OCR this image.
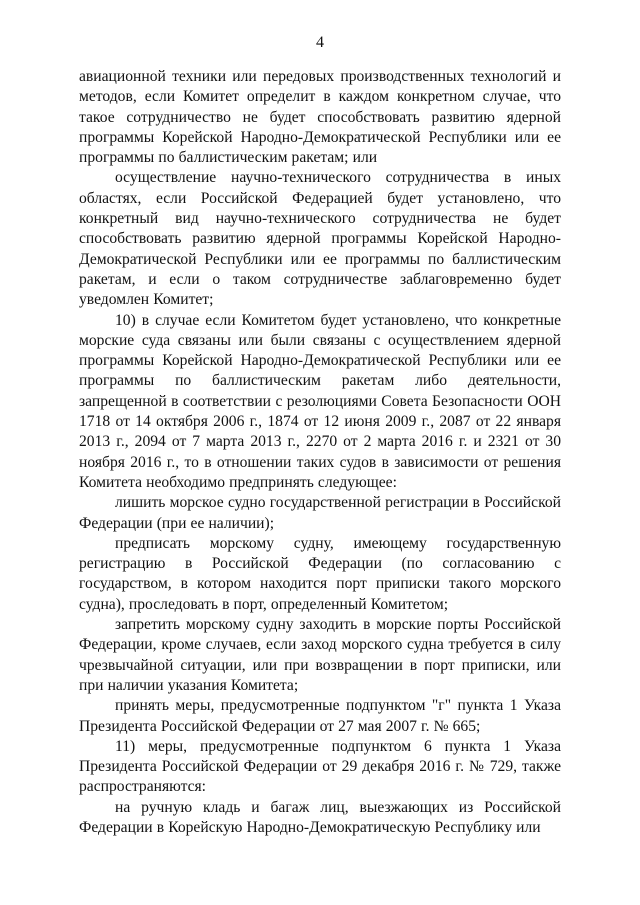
4

авиационной техники или передовых производственных технологий и методов, если Комитет определит в каждом конкретном случае, что такое сотрудничество не будет способствовать развитию ядерной программы Корейской Народно-Демократической Республики или ее программы по баллистическим ракетам; или

осуществление научно-технического сотрудничества в иных областях, если Российской Федерацией будет установлено, что конкретный вид научно-технического сотрудничества не будет способствовать развитию ядерной программы Корейской Народно-Демократической Республики или ее программы по баллистическим ракетам, и если о таком сотрудничестве заблаговременно будет уведомлен Комитет;

10) в случае если Комитетом будет установлено, что конкретные морские суда связаны или были связаны с осуществлением ядерной программы Корейской Народно-Демократической Республики или ее программы по баллистическим ракетам либо деятельности, запрещенной в соответствии с резолюциями Совета Безопасности ООН 1718 от 14 октября 2006 г., 1874 от 12 июня 2009 г., 2087 от 22 января 2013 г., 2094 от 7 марта 2013 г., 2270 от 2 марта 2016 г. и 2321 от 30 ноября 2016 г., то в отношении таких судов в зависимости от решения Комитета необходимо предпринять следующее:

лишить морское судно государственной регистрации в Российской Федерации (при ее наличии);

предписать морскому судну, имеющему государственную регистрацию в Российской Федерации (по согласованию с государством, в котором находится порт приписки такого морского судна), проследовать в порт, определенный Комитетом;

запретить морскому судну заходить в морские порты Российской Федерации, кроме случаев, если заход морского судна требуется в силу чрезвычайной ситуации, или при возвращении в порт приписки, или при наличии указания Комитета;

принять меры, предусмотренные подпунктом "г" пункта 1 Указа Президента Российской Федерации от 27 мая 2007 г. № 665;

11) меры, предусмотренные подпунктом 6 пункта 1 Указа Президента Российской Федерации от 29 декабря 2016 г. № 729, также распространяются:

на ручную кладь и багаж лиц, выезжающих из Российской Федерации в Корейскую Народно-Демократическую Республику или
